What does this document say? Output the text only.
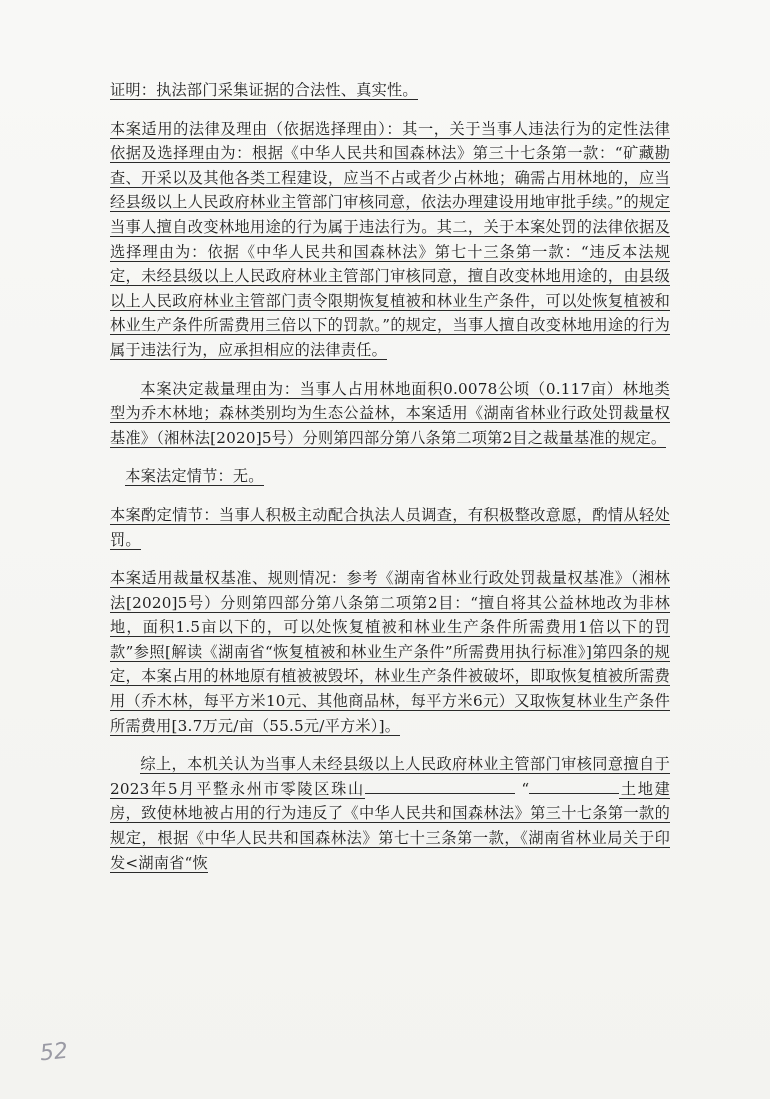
证明：执法部门采集证据的合法性、真实性。

本案适用的法律及理由（依据选择理由）：其一，关于当事人违法行为的定性法律依据及选择理由为：根据《中华人民共和国森林法》第三十七条第一款：“矿藏勘查、开采以及其他各类工程建设，应当不占或者少占林地；确需占用林地的，应当经县级以上人民政府林业主管部门审核同意，依法办理建设用地审批手续。”的规定当事人擅自改变林地用途的行为属于违法行为。其二，关于本案处罚的法律依据及选择理由为：依据《中华人民共和国森林法》第七十三条第一款：“违反本法规定，未经县级以上人民政府林业主管部门审核同意，擅自改变林地用途的，由县级以上人民政府林业主管部门责令限期恢复植被和林业生产条件，可以处恢复植被和林业生产条件所需费用三倍以下的罚款。”的规定，当事人擅自改变林地用途的行为属于违法行为，应承担相应的法律责任。

本案决定裁量理由为：当事人占用林地面积0.0078公顷（0.117亩）林地类型为乔木林地；森林类别均为生态公益林，本案适用《湖南省林业行政处罚裁量权基准》（湘林法[2020]5号）分则第四部分第八条第二项第2目之裁量基准的规定。

本案法定情节：无。

本案酌定情节：当事人积极主动配合执法人员调查，有积极整改意愿，酌情从轻处罚。

本案适用裁量权基准、规则情况：参考《湖南省林业行政处罚裁量权基准》（湘林法[2020]5号）分则第四部分第八条第二项第2目：“擅自将其公益林地改为非林地，面积1.5亩以下的，可以处恢复植被和林业生产条件所需费用1倍以下的罚款”参照[解读《湖南省“恢复植被和林业生产条件”所需费用执行标准》]第四条的规定，本案占用的林地原有植被被毁坏，林业生产条件被破坏，即取恢复植被所需费用（乔木林，每平方米10元、其他商品林，每平方米6元）又取恢复林业生产条件所需费用[3.7万元/亩（55.5元/平方米）]。

综上，本机关认为当事人未经县级以上人民政府林业主管部门审核同意擅自于2023年5月平整永州市零陵区珠山	“	土地建房，致使林地被占用的行为违反了《中华人民共和国森林法》第三十七条第一款的规定，根据《中华人民共和国森林法》第七十三条第一款，《湖南省林业局关于印发<湖南省“恢

52
